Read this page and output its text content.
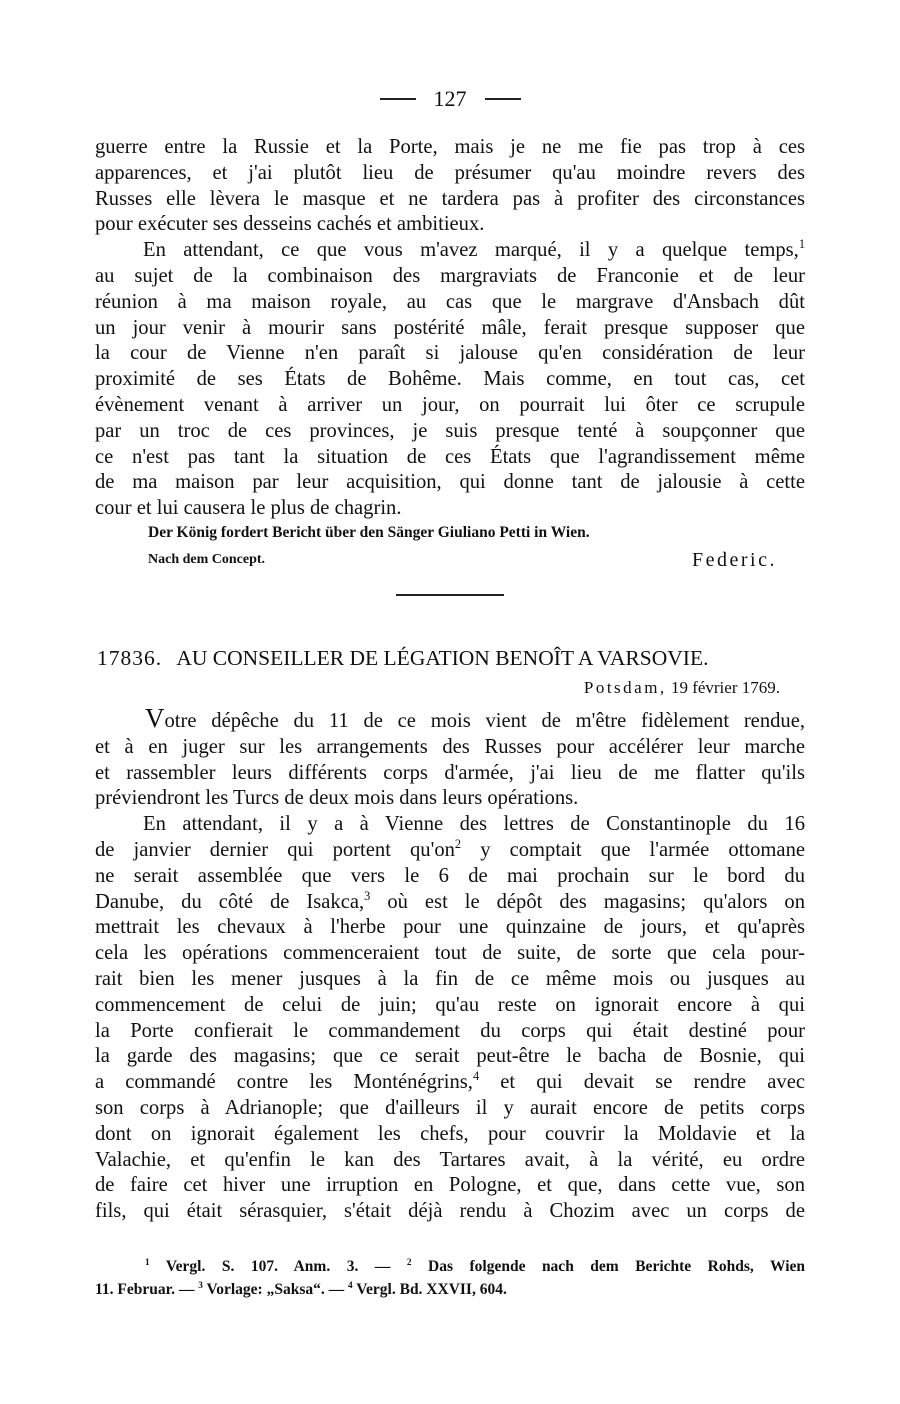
127
guerre entre la Russie et la Porte, mais je ne me fie pas trop à ces
apparences, et j'ai plutôt lieu de présumer qu'au moindre revers des
Russes elle lèvera le masque et ne tardera pas à profiter des circonstances
pour exécuter ses desseins cachés et ambitieux.
En attendant, ce que vous m'avez marqué, il y a quelque temps,$^1$
au sujet de la combinaison des margraviats de Franconie et de leur
réunion à ma maison royale, au cas que le margrave d'Ansbach dût
un jour venir à mourir sans postérité mâle, ferait presque supposer que
la cour de Vienne n'en paraît si jalouse qu'en considération de leur
proximité de ses États de Bohême. Mais comme, en tout cas, cet
évènement venant à arriver un jour, on pourrait lui ôter ce scrupule
par un troc de ces provinces, je suis presque tenté à soupçonner que
ce n'est pas tant la situation de ces États que l'agrandissement même
de ma maison par leur acquisition, qui donne tant de jalousie à cette
cour et lui causera le plus de chagrin.
Der König fordert Bericht über den Sänger Giuliano Petti in Wien.
Nach dem Concept.	Federic.
17836. AU CONSEILLER DE LÉGATION BENOÎT A VARSOVIE.
Potsdam, 19 février 1769.
Votre dépêche du 11 de ce mois vient de m'être fidèlement rendue,
et à en juger sur les arrangements des Russes pour accélérer leur marche
et rassembler leurs différents corps d'armée, j'ai lieu de me flatter qu'ils
préviendront les Turcs de deux mois dans leurs opérations.
En attendant, il y a à Vienne des lettres de Constantinople du 16
de janvier dernier qui portent $qu'on^2$ y comptait que l'armée ottomane
ne serait assemblée que vers le 6 de mai prochain sur le bord du
Danube, du côté de Isakca,$^3$ où est le dépôt des magasins; qu'alors on
mettrait les chevaux à l'herbe pour une quinzaine de jours, et qu'après
cela les opérations commenceraient tout de suite, de sorte que cela pour-
rait bien les mener jusques à la fin de ce même mois ou jusques au
commencement de celui de juin; qu'au reste on ignorait encore à qui
la Porte confierait le commandement du corps qui était destiné pour
la garde des magasins; que ce serait peut-être le bacha de Bosnie, qui
a commandé contre les Monténégrins,$^4$ et qui devait se rendre avec
son corps à Adrianople; que d'ailleurs il y aurait encore de petits corps
dont on ignorait également les chefs, pour couvrir la Moldavie et la
Valachie, et qu'enfin le kan des Tartares avait, à la vérité, eu ordre
de faire cet hiver une irruption en Pologne, et que, dans cette vue, son
fils, qui était sérasquier, s'était déjà rendu à Chozim avec un corps de
$^1$ Vergl. S. 107. Anm. 3. — $^2$ Das folgende nach dem Berichte Rohds, Wien
11. Februar. — $^3$ Vorlage: „Saksa“. — $^4$ Vergl. Bd. XXVII, 604.
